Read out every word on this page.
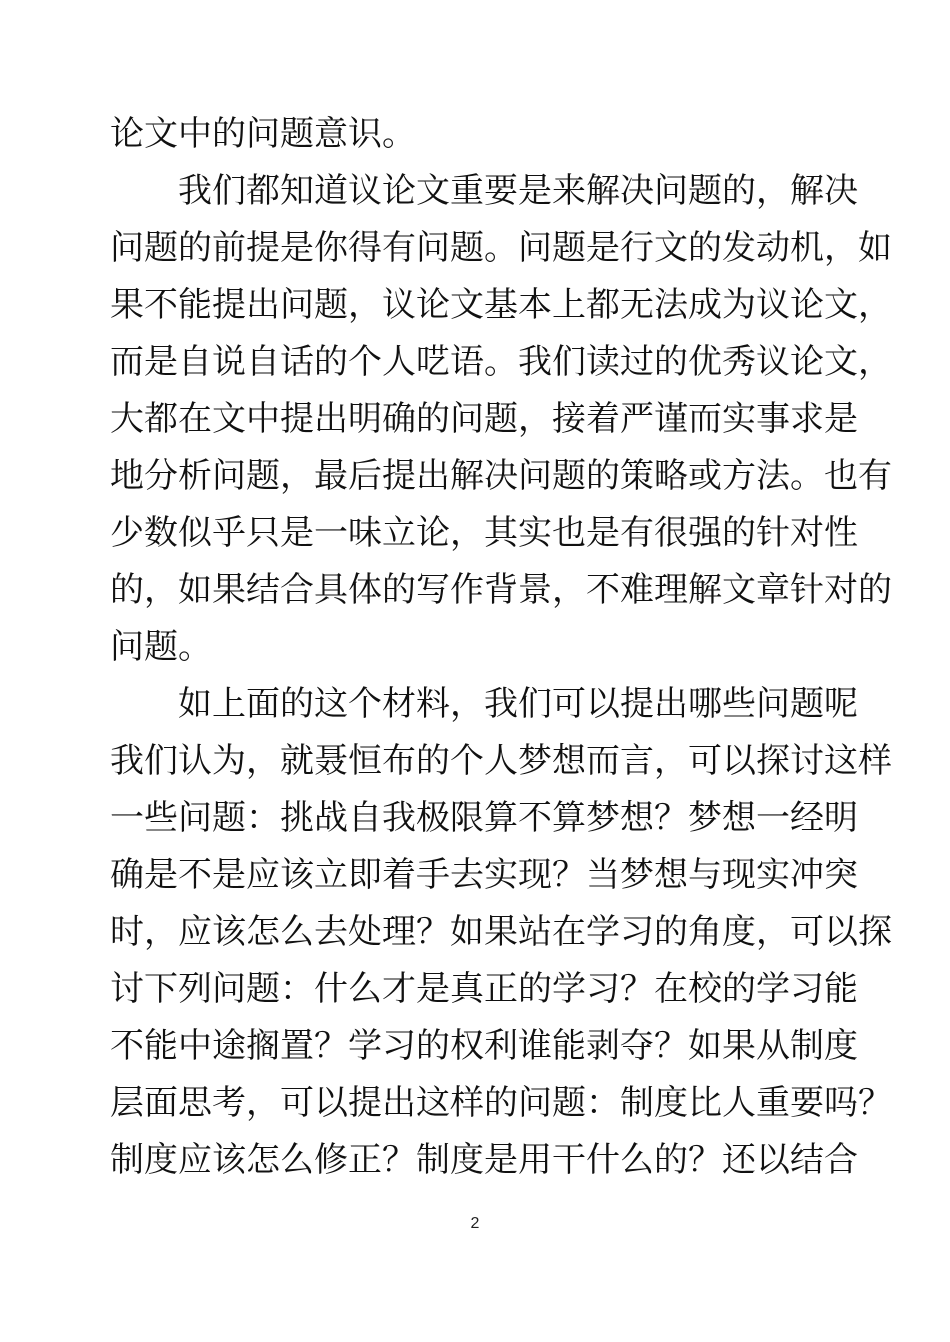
论文中的问题意识。
我们都知道议论文重要是来解决问题的，解决
问题的前提是你得有问题。问题是行文的发动机，如
果不能提出问题，议论文基本上都无法成为议论文，
而是自说自话的个人呓语。我们读过的优秀议论文，
大都在文中提出明确的问题，接着严谨而实事求是
地分析问题，最后提出解决问题的策略或方法。也有
少数似乎只是一味立论，其实也是有很强的针对性
的，如果结合具体的写作背景，不难理解文章针对的
问题。
如上面的这个材料，我们可以提出哪些问题呢
我们认为，就聂恒布的个人梦想而言，可以探讨这样
一些问题：挑战自我极限算不算梦想？梦想一经明
确是不是应该立即着手去实现？当梦想与现实冲突
时，应该怎么去处理？如果站在学习的角度，可以探
讨下列问题：什么才是真正的学习？在校的学习能
不能中途搁置？学习的权利谁能剥夺？如果从制度
层面思考，可以提出这样的问题：制度比人重要吗？
制度应该怎么修正？制度是用干什么的？还以结合
2
